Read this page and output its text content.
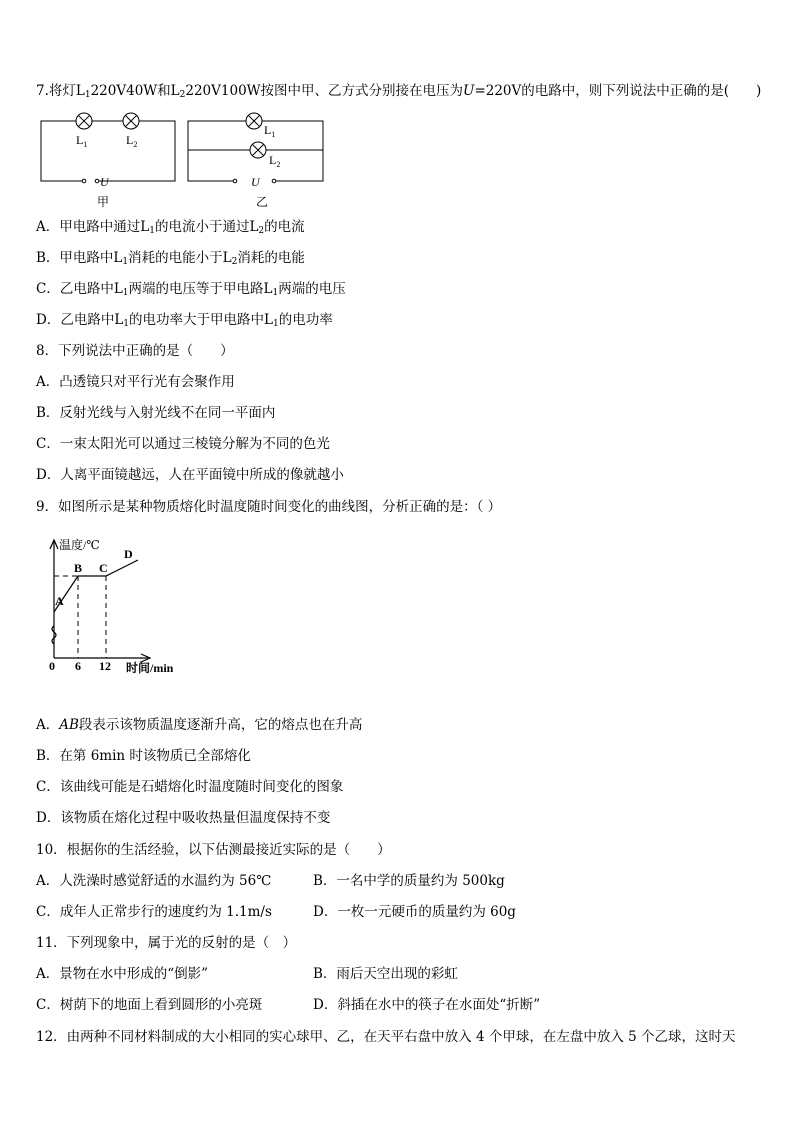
7.将灯$L_1220V40W$和$L_2220V100W$按图中甲、乙方式分别接在电压为U=220V的电路中，则下列说法中正确的是(　　)
$L_1$	$L_2$
U
甲
$L_1$
$L_2$
U
乙
A．甲电路中通过$L_1$的电流小于通过$L_2$的电流
B．甲电路中$L_1$消耗的电能小于$L_2$消耗的电能
C．乙电路中$L_1$两端的电压等于甲电路$L_1$两端的电压
D．乙电路中$L_1$的电功率大于甲电路中$L_1$的电功率
8．下列说法中正确的是（　　）
A．凸透镜只对平行光有会聚作用
B．反射光线与入射光线不在同一平面内
C．一束太阳光可以通过三棱镜分解为不同的色光
D．人离平面镜越远，人在平面镜中所成的像就越小
9．如图所示是某种物质熔化时温度随时间变化的曲线图，分析正确的是：（ ）
温度/℃
A
B C
D
0 6 12 时间/min
A．AB段表示该物质温度逐渐升高，它的熔点也在升高
B．在第 6min 时该物质已全部熔化
C．该曲线可能是石蜡熔化时温度随时间变化的图象
D．该物质在熔化过程中吸收热量但温度保持不变
10．根据你的生活经验，以下估测最接近实际的是（　　）
A．人洗澡时感觉舒适的水温约为 56℃	B．一名中学的质量约为 500kg
C．成年人正常步行的速度约为 1.1m/s	D．一枚一元硬币的质量约为 60g
11．下列现象中，属于光的反射的是（　）
A．景物在水中形成的“倒影”	B．雨后天空出现的彩虹
C．树荫下的地面上看到圆形的小亮斑	D．斜插在水中的筷子在水面处“折断”
12．由两种不同材料制成的大小相同的实心球甲、乙，在天平右盘中放入 4 个甲球，在左盘中放入 5 个乙球，这时天
